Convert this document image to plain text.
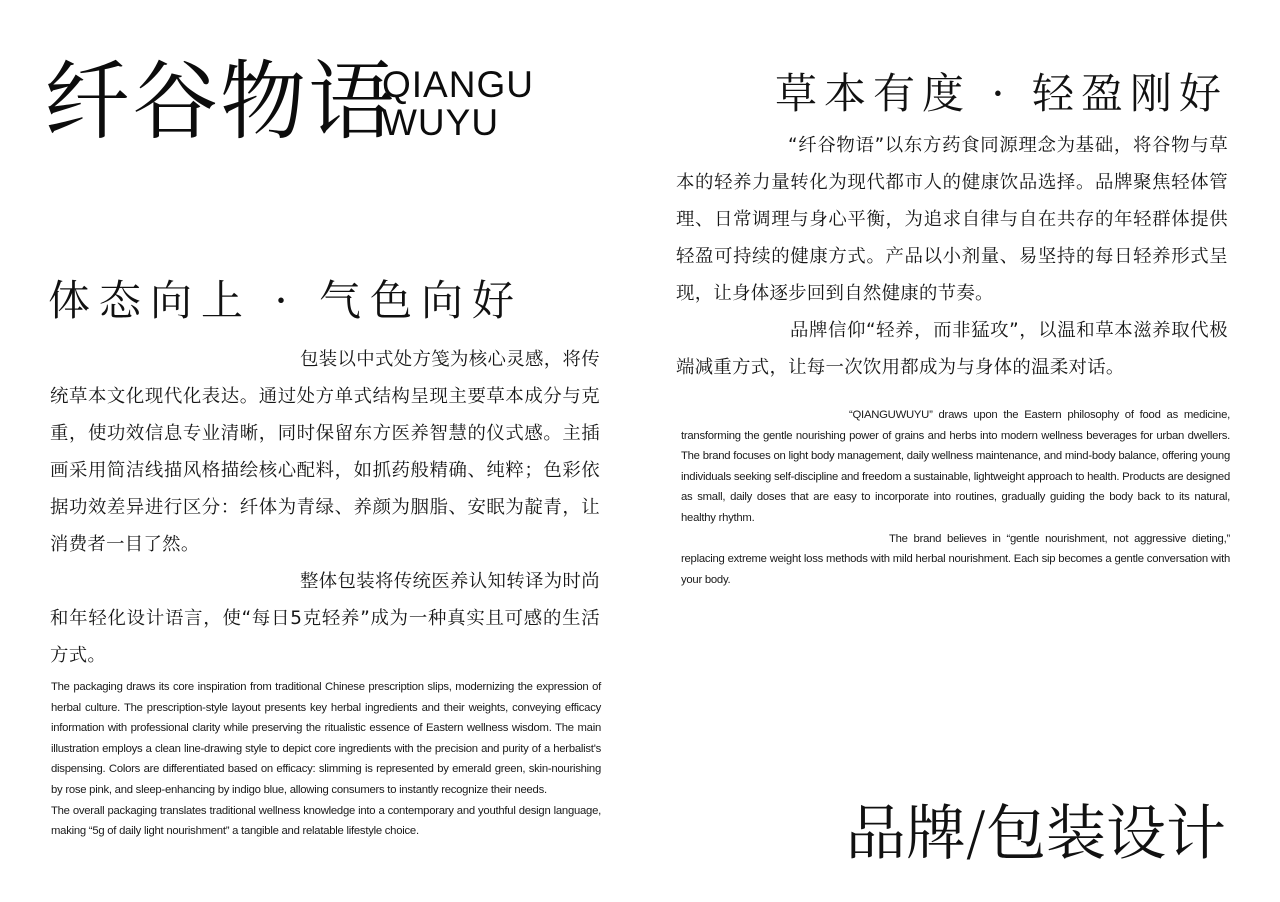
纤谷物语
QIANGU
WUYU
草本有度 · 轻盈刚好

“纤谷物语”以东方药食同源理念为基础，将谷物与草本的轻养力量转化为现代都市人的健康饮品选择。品牌聚焦轻体管理、日常调理与身心平衡，为追求自律与自在共存的年轻群体提供轻盈可持续的健康方式。产品以小剂量、易坚持的每日轻养形式呈现，让身体逐步回到自然健康的节奏。

品牌信仰“轻养，而非猛攻”，以温和草本滋养取代极端减重方式，让每一次饮用都成为与身体的温柔对话。

“QIANGUWUYU” draws upon the Eastern philosophy of food as medicine, transforming the gentle nourishing power of grains and herbs into modern wellness beverages for urban dwellers. The brand focuses on light body management, daily wellness maintenance, and mind-body balance, offering young individuals seeking self-discipline and freedom a sustainable, lightweight approach to health. Products are designed as small, daily doses that are easy to incorporate into routines, gradually guiding the body back to its natural, healthy rhythm.

The brand believes in “gentle nourishment, not aggressive dieting,” replacing extreme weight loss methods with mild herbal nourishment. Each sip becomes a gentle conversation with your body.

体态向上 · 气色向好

包装以中式处方笺为核心灵感，将传统草本文化现代化表达。通过处方单式结构呈现主要草本成分与克重，使功效信息专业清晰，同时保留东方医养智慧的仪式感。主插画采用简洁线描风格描绘核心配料，如抓药般精确、纯粹；色彩依据功效差异进行区分：纤体为青绿、养颜为胭脂、安眠为靛青，让消费者一目了然。

整体包装将传统医养认知转译为时尚和年轻化设计语言，使“每日5克轻养”成为一种真实且可感的生活方式。

The packaging draws its core inspiration from traditional Chinese prescription slips, modernizing the expression of herbal culture. The prescription-style layout presents key herbal ingredients and their weights, conveying efficacy information with professional clarity while preserving the ritualistic essence of Eastern wellness wisdom. The main illustration employs a clean line-drawing style to depict core ingredients with the precision and purity of a herbalist's dispensing. Colors are differentiated based on efficacy: slimming is represented by emerald green, skin-nourishing by rose pink, and sleep-enhancing by indigo blue, allowing consumers to instantly recognize their needs.

The overall packaging translates traditional wellness knowledge into a contemporary and youthful design language, making “5g of daily light nourishment” a tangible and relatable lifestyle choice.	品牌/包装设计
